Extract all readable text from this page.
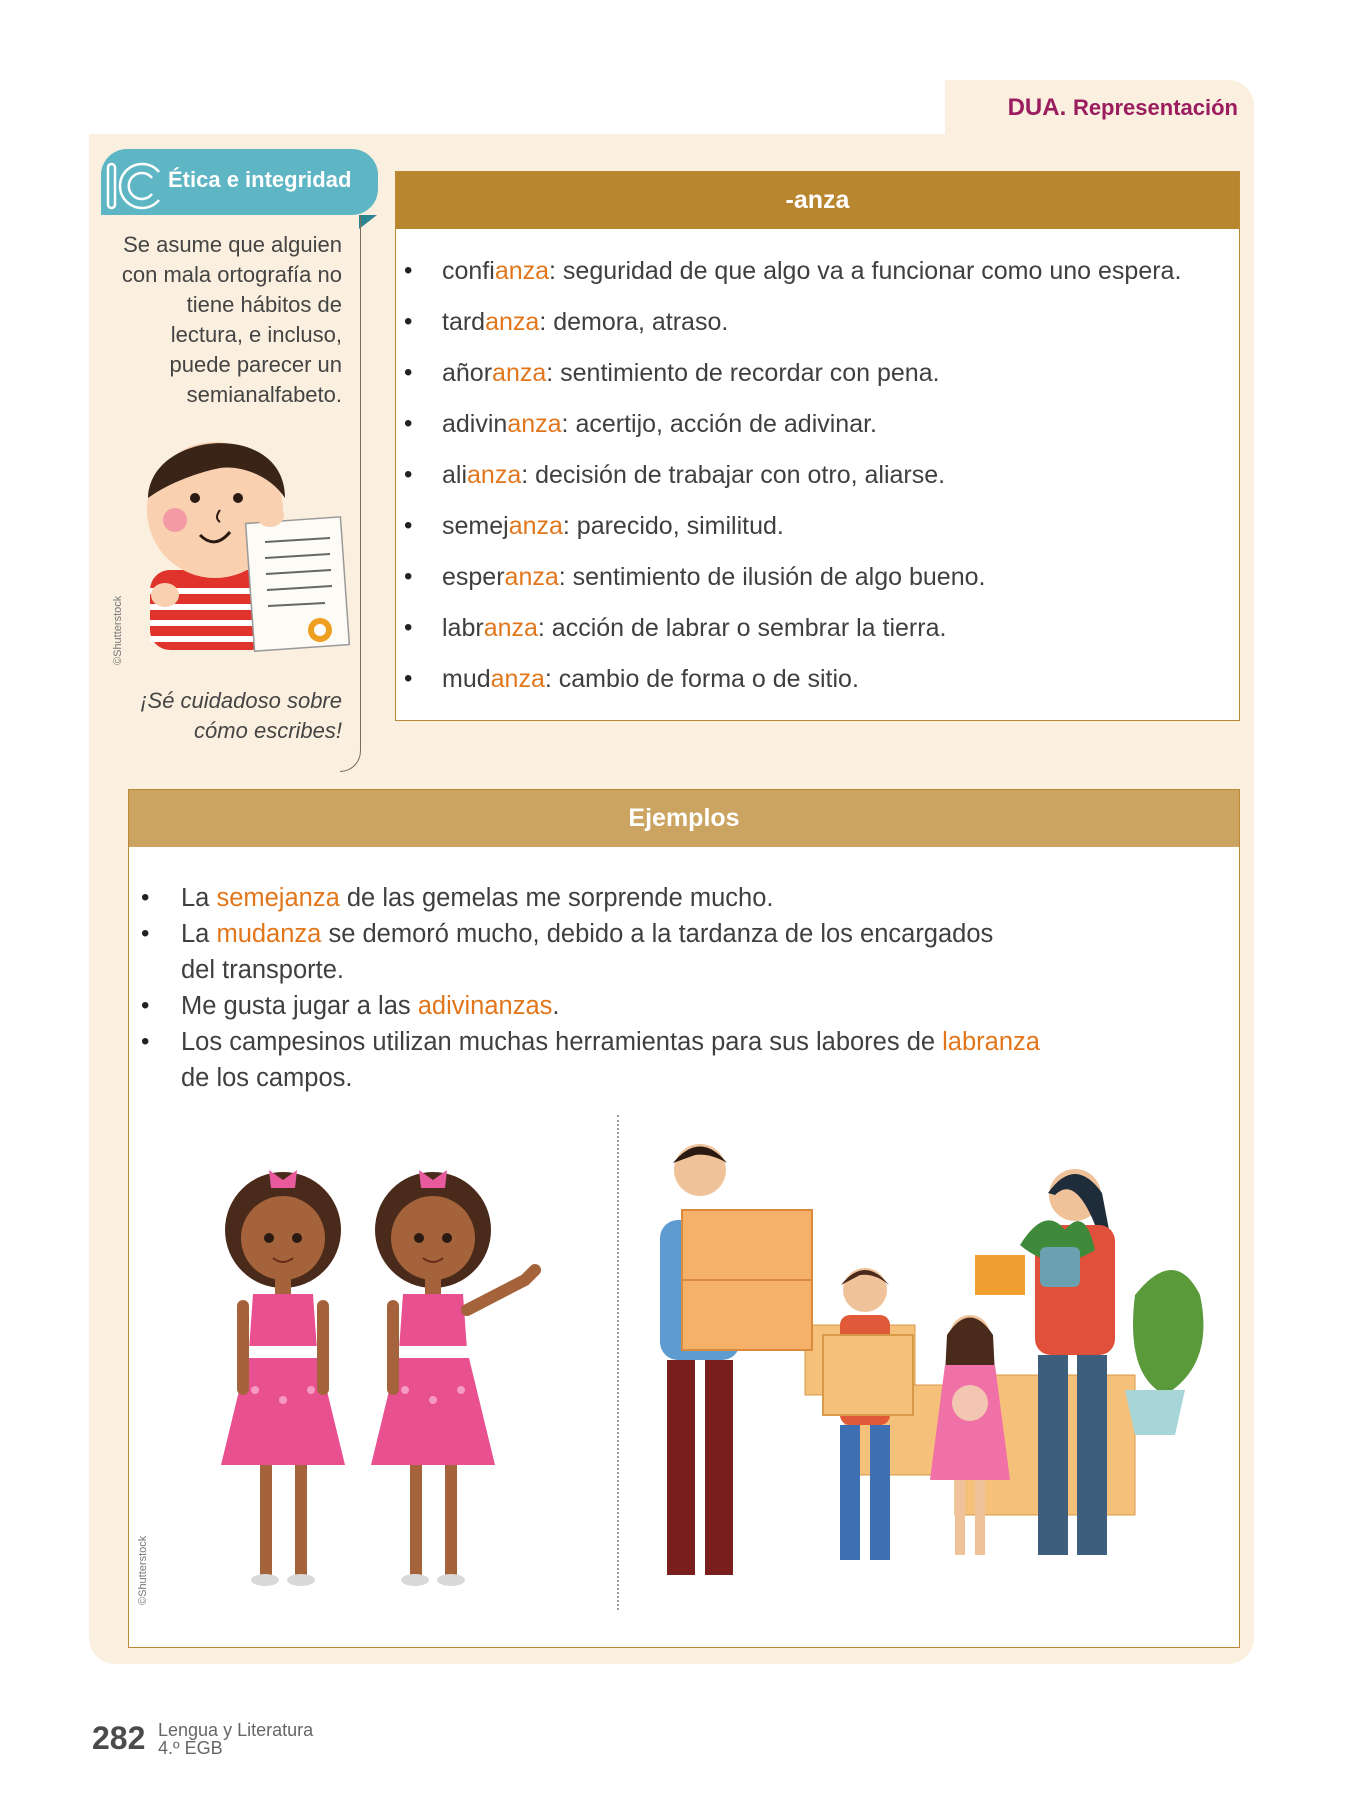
DUA. Representación
IC
Ética e integridad
Se asume que alguien
con mala ortografía no
tiene hábitos de
lectura, e incluso,
puede parecer un
semianalfabeto.
©Shutterstock
¡Sé cuidadoso sobre
cómo escribes!
-anza
• confianza: seguridad de que algo va a funcionar como uno espera.
• tardanza: demora, atraso.
• añoranza: sentimiento de recordar con pena.
• adivinanza: acertijo, acción de adivinar.
• alianza: decisión de trabajar con otro, aliarse.
• semejanza: parecido, similitud.
• esperanza: sentimiento de ilusión de algo bueno.
• labranza: acción de labrar o sembrar la tierra.
• mudanza: cambio de forma o de sitio.
Ejemplos
• La semejanza de las gemelas me sorprende mucho.
• La mudanza se demoró mucho, debido a la tardanza de los encargados
del transporte.
• Me gusta jugar a las adivinanzas.
• Los campesinos utilizan muchas herramientas para sus labores de labranza
de los campos.
©Shutterstock
282 Lengua y Literatura
4.º EGB
